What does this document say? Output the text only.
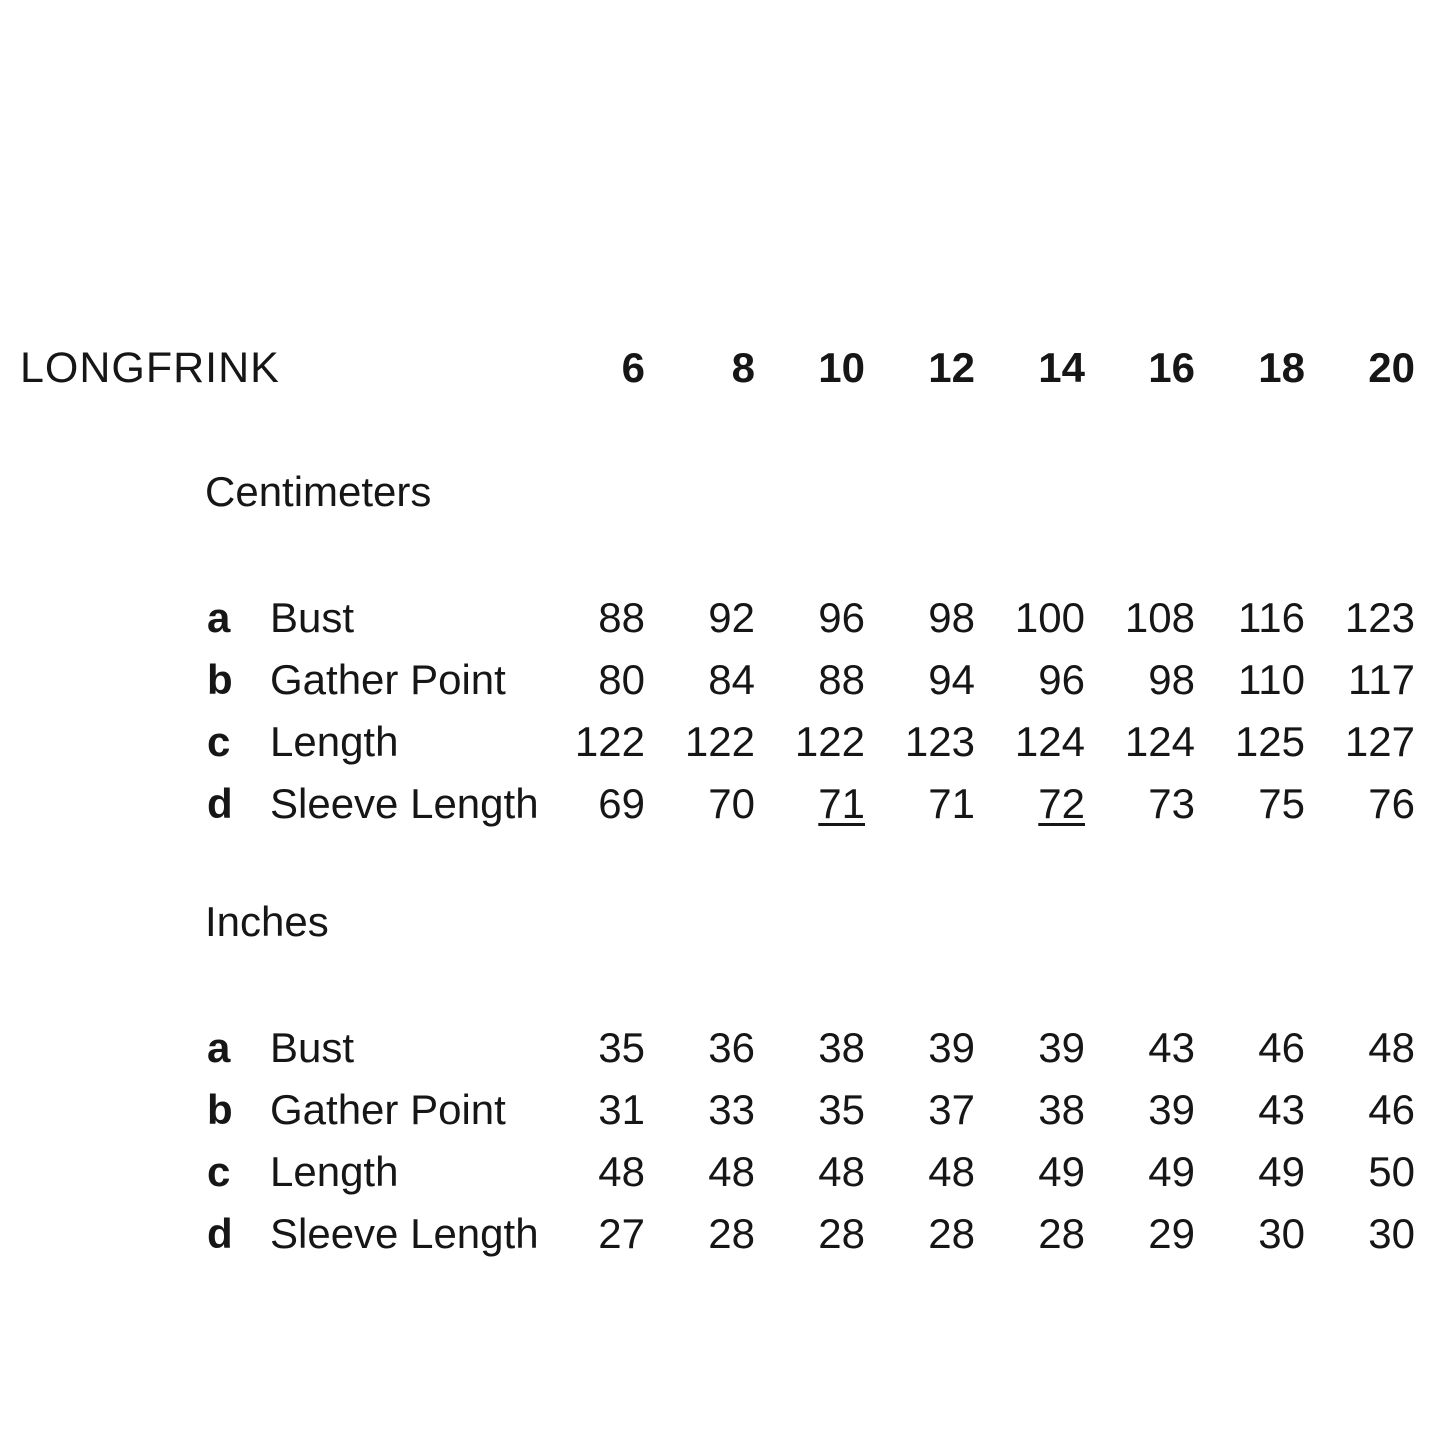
LONGFRINK	6	8	10	12	14	16	18	20
Centimeters
a Bust	88	92	96	98 100 108	116 123
b Gather Point	80	84	88	94	96	98	110	117
c Length	122 122 122 123 124 124 125 127
d Sleeve Length	69	70	71	71	72	73	75	76
Inches
a Bust	35	36	38	39	39	43	46	48
b Gather Point	31	33	35	37	38	39	43	46
c Length	48	48	48	48	49	49	49	50
d Sleeve Length	27	28	28	28	28	29	30	30
